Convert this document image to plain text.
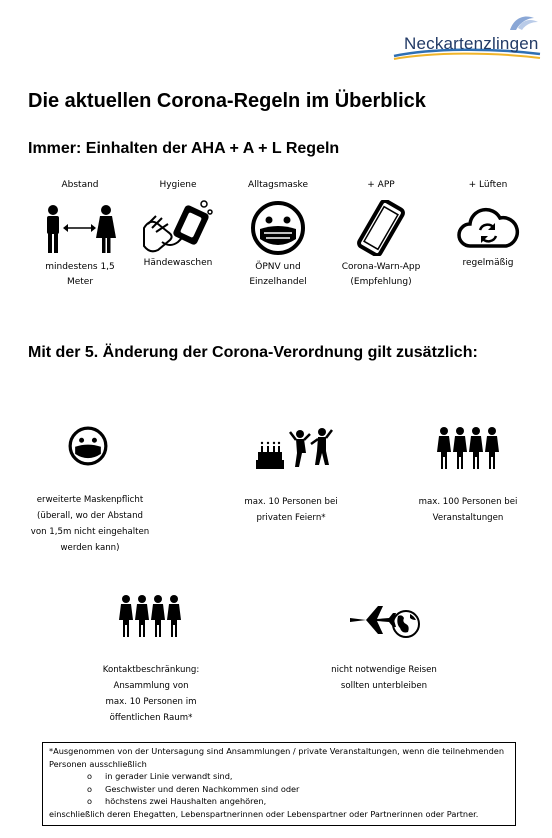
Neckartenzlingen
Die aktuellen Corona-Regeln im Überblick
Immer: Einhalten der AHA + A + L Regeln
Abstand
mindestens 1,5 Meter
Hygiene
Händewaschen
Alltagsmaske
ÖPNV und
Einzelhandel
+ APP
Corona-Warn-App
(Empfehlung)
+ Lüften
regelmäßig
Mit der 5. Änderung der Corona-Verordnung gilt zusätzlich:
erweiterte Maskenpflicht
(überall, wo der Abstand
von 1,5m nicht eingehalten
werden kann)
max. 10 Personen bei
privaten Feiern*
max. 100 Personen bei
Veranstaltungen
Kontaktbeschränkung:
Ansammlung von
max. 10 Personen im
öffentlichen Raum*
nicht notwendige Reisen
sollten unterbleiben
*Ausgenommen von der Untersagung sind Ansammlungen / private Veranstaltungen, wenn die teilnehmenden Personen ausschließlich
o in gerader Linie verwandt sind,
o Geschwister und deren Nachkommen sind oder
o höchstens zwei Haushalten angehören,
einschließlich deren Ehegatten, Lebenspartnerinnen oder Lebenspartner oder Partnerinnen oder Partner.
